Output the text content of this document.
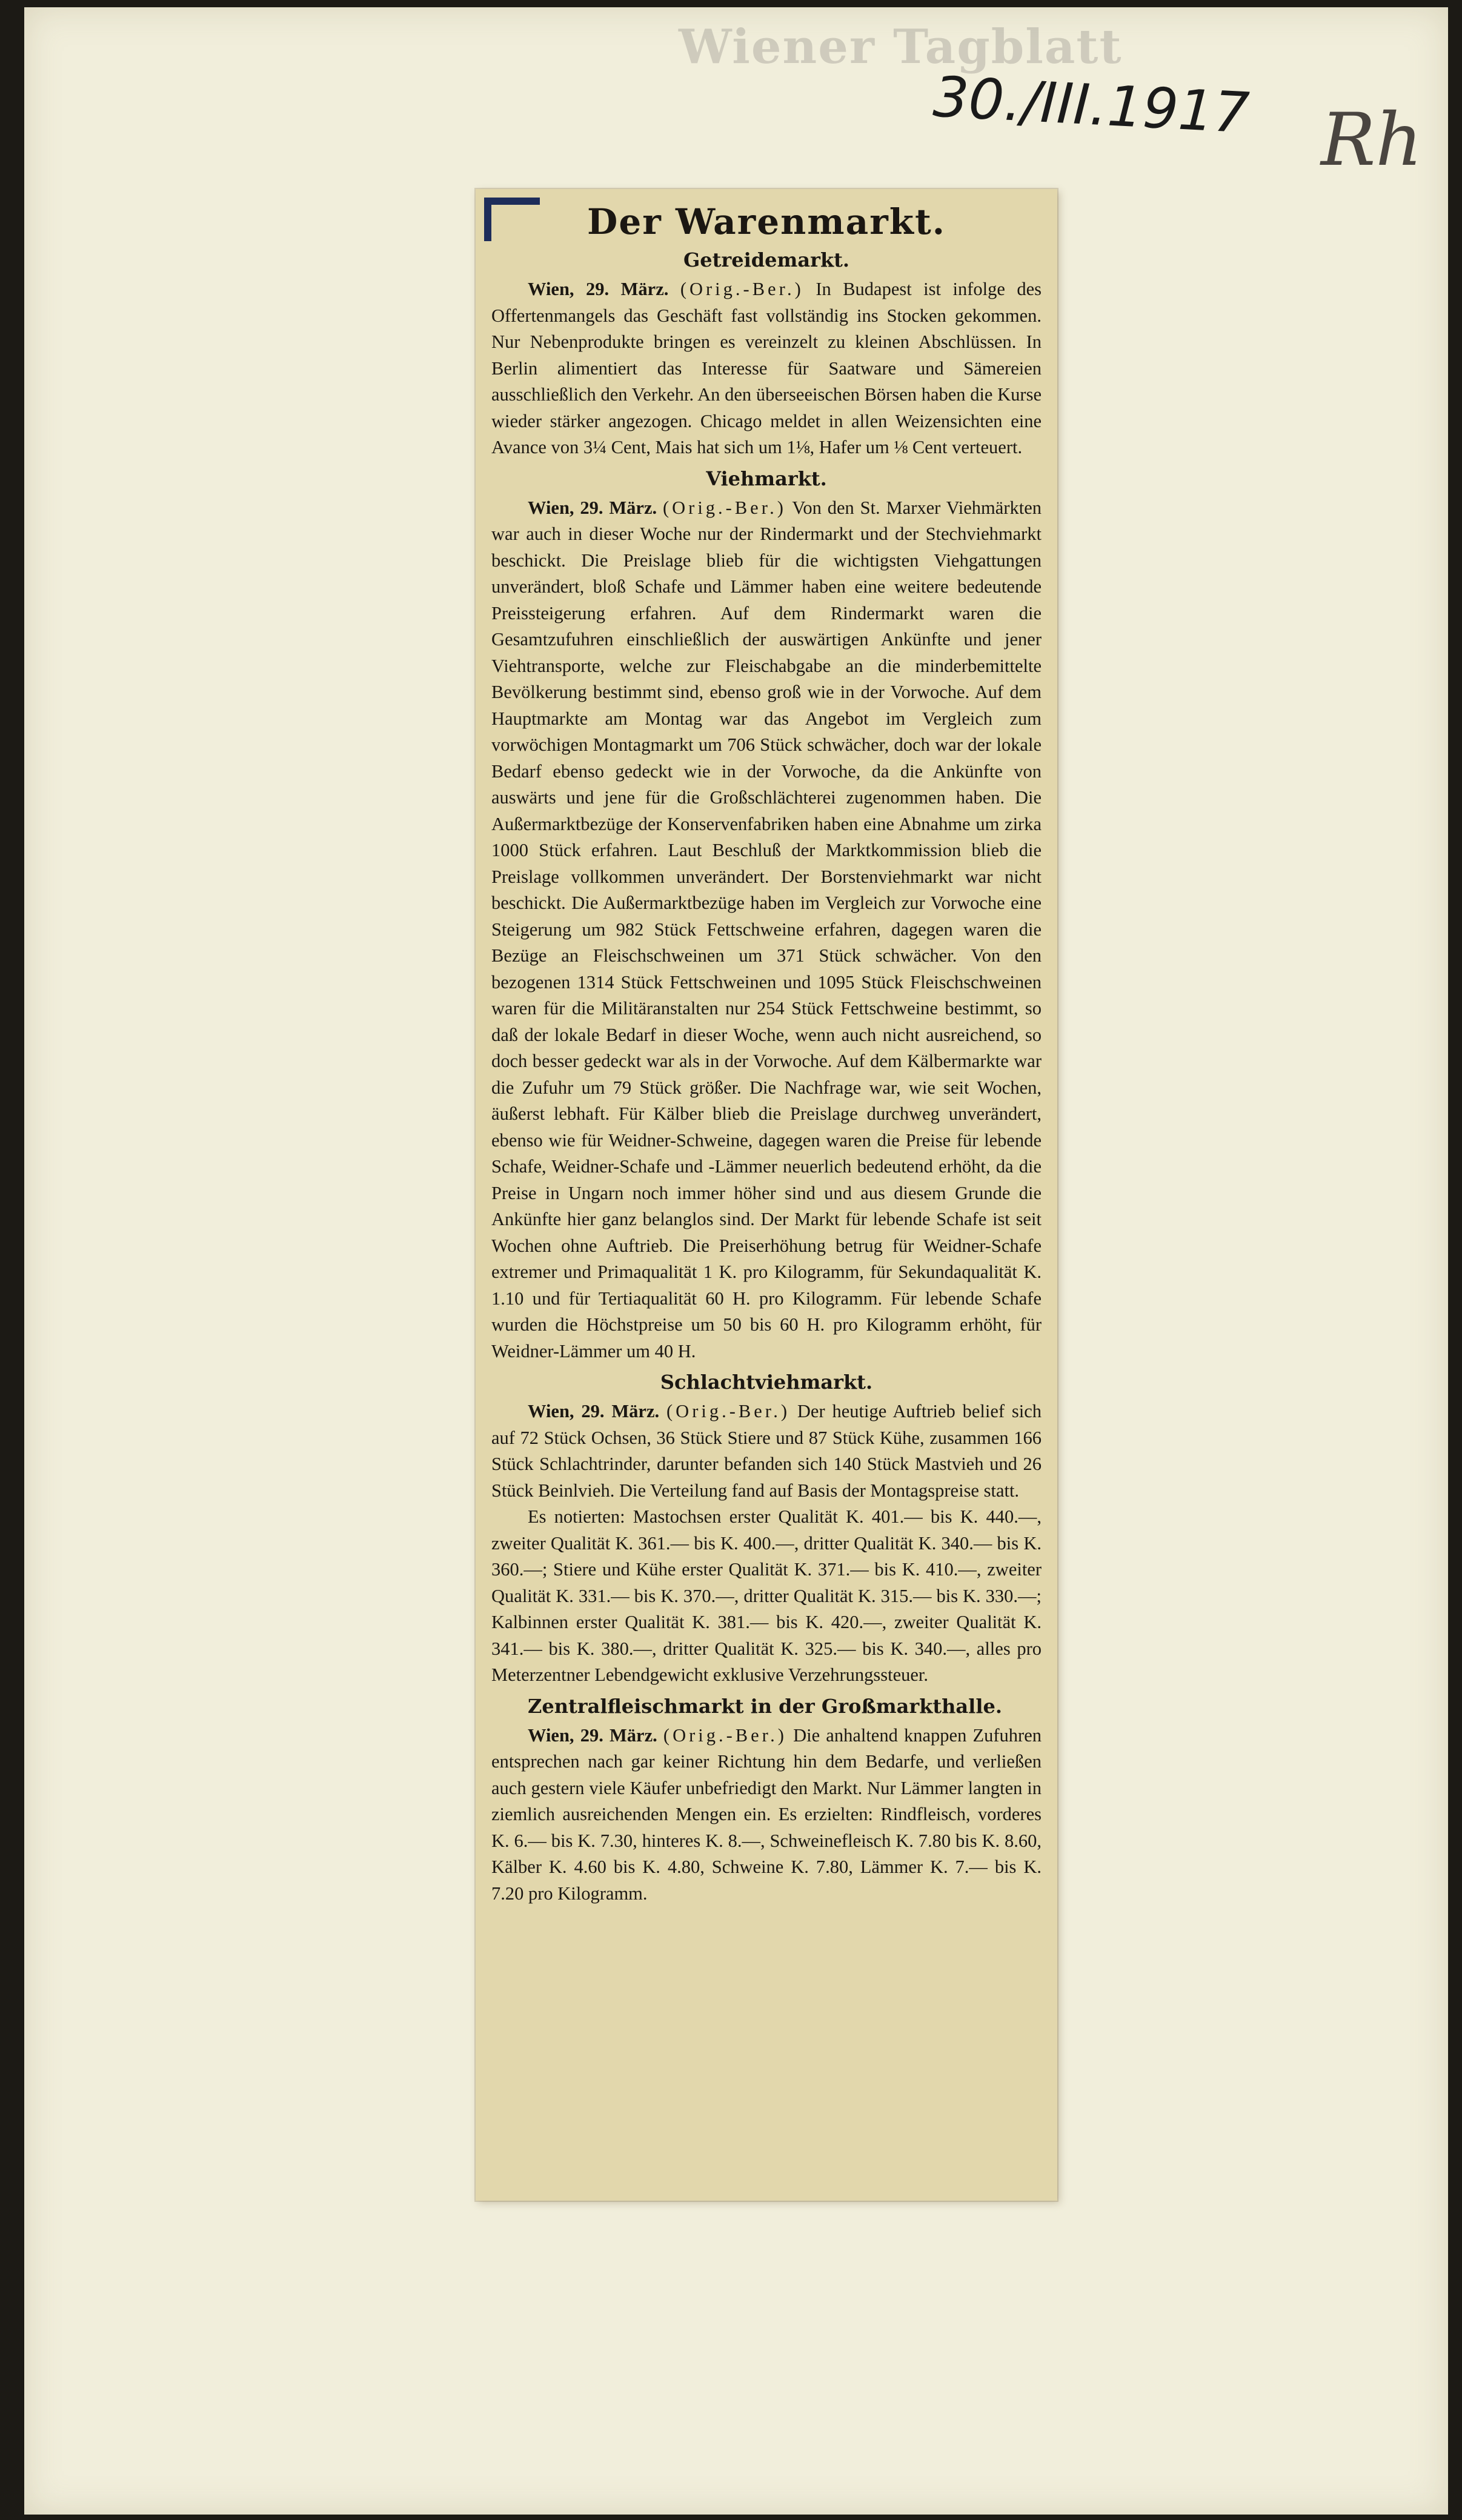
Wiener Tagblatt
30./III.1917 Rh
Der Warenmarkt.
Getreidemarkt.

Wien, 29. März. (Orig.-Ber.) In Budapest ist infolge des Offertenmangels das Geschäft fast vollständig ins Stocken gekommen. Nur Nebenprodukte bringen es vereinzelt zu kleinen Abschlüssen. In Berlin alimentiert das Interesse für Saatware und Sämereien ausschließlich den Verkehr. An den überseeischen Börsen haben die Kurse wieder stärker angezogen. Chicago meldet in allen Weizensichten eine Avance von 3¼ Cent, Mais hat sich um 1⅛, Hafer um ⅛ Cent verteuert.

Viehmarkt.

Wien, 29. März. (Orig.-Ber.) Von den St. Marxer Viehmärkten war auch in dieser Woche nur der Rindermarkt und der Stechviehmarkt beschickt. Die Preislage blieb für die wichtigsten Viehgattungen unverändert, bloß Schafe und Lämmer haben eine weitere bedeutende Preissteigerung erfahren. Auf dem Rindermarkt waren die Gesamtzufuhren einschließlich der auswärtigen Ankünfte und jener Viehtransporte, welche zur Fleischabgabe an die minderbemittelte Bevölkerung bestimmt sind, ebenso groß wie in der Vorwoche. Auf dem Hauptmarkte am Montag war das Angebot im Vergleich zum vorwöchigen Montagmarkt um 706 Stück schwächer, doch war der lokale Bedarf ebenso gedeckt wie in der Vorwoche, da die Ankünfte von auswärts und jene für die Großschlächterei zugenommen haben. Die Außermarktbezüge der Konservenfabriken haben eine Abnahme um zirka 1000 Stück erfahren. Laut Beschluß der Marktkommission blieb die Preislage vollkommen unverändert. Der Borstenviehmarkt war nicht beschickt. Die Außermarktbezüge haben im Vergleich zur Vorwoche eine Steigerung um 982 Stück Fettschweine erfahren, dagegen waren die Bezüge an Fleischschweinen um 371 Stück schwächer. Von den bezogenen 1314 Stück Fettschweinen und 1095 Stück Fleischschweinen waren für die Militäranstalten nur 254 Stück Fettschweine bestimmt, so daß der lokale Bedarf in dieser Woche, wenn auch nicht ausreichend, so doch besser gedeckt war als in der Vorwoche. Auf dem Kälbermarkte war die Zufuhr um 79 Stück größer. Die Nachfrage war, wie seit Wochen, äußerst lebhaft. Für Kälber blieb die Preislage durchweg unverändert, ebenso wie für Weidner-Schweine, dagegen waren die Preise für lebende Schafe, Weidner-Schafe und -Lämmer neuerlich bedeutend erhöht, da die Preise in Ungarn noch immer höher sind und aus diesem Grunde die Ankünfte hier ganz belanglos sind. Der Markt für lebende Schafe ist seit Wochen ohne Auftrieb. Die Preiserhöhung betrug für Weidner-Schafe extremer und Primaqualität 1 K. pro Kilogramm, für Sekundaqualität K. 1.10 und für Tertiaqualität 60 H. pro Kilogramm. Für lebende Schafe wurden die Höchstpreise um 50 bis 60 H. pro Kilogramm erhöht, für Weidner-Lämmer um 40 H.

Schlachtviehmarkt.

Wien, 29. März. (Orig.-Ber.) Der heutige Auftrieb belief sich auf 72 Stück Ochsen, 36 Stück Stiere und 87 Stück Kühe, zusammen 166 Stück Schlachtrinder, darunter befanden sich 140 Stück Mastvieh und 26 Stück Beinlvieh. Die Verteilung fand auf Basis der Montagspreise statt.

Es notierten: Mastochsen erster Qualität K. 401.— bis K. 440.—, zweiter Qualität K. 361.— bis K. 400.—, dritter Qualität K. 340.— bis K. 360.—; Stiere und Kühe erster Qualität K. 371.— bis K. 410.—, zweiter Qualität K. 331.— bis K. 370.—, dritter Qualität K. 315.— bis K. 330.—; Kalbinnen erster Qualität K. 381.— bis K. 420.—, zweiter Qualität K. 341.— bis K. 380.—, dritter Qualität K. 325.— bis K. 340.—, alles pro Meterzentner Lebendgewicht exklusive Verzehrungssteuer.

Zentralfleischmarkt in der Großmarkthalle.

Wien, 29. März. (Orig.-Ber.) Die anhaltend knappen Zufuhren entsprechen nach gar keiner Richtung hin dem Bedarfe, und verließen auch gestern viele Käufer unbefriedigt den Markt. Nur Lämmer langten in ziemlich ausreichenden Mengen ein. Es erzielten: Rindfleisch, vorderes K. 6.— bis K. 7.30, hinteres K. 8.—, Schweinefleisch K. 7.80 bis K. 8.60, Kälber K. 4.60 bis K. 4.80, Schweine K. 7.80, Lämmer K. 7.— bis K. 7.20 pro Kilogramm.
